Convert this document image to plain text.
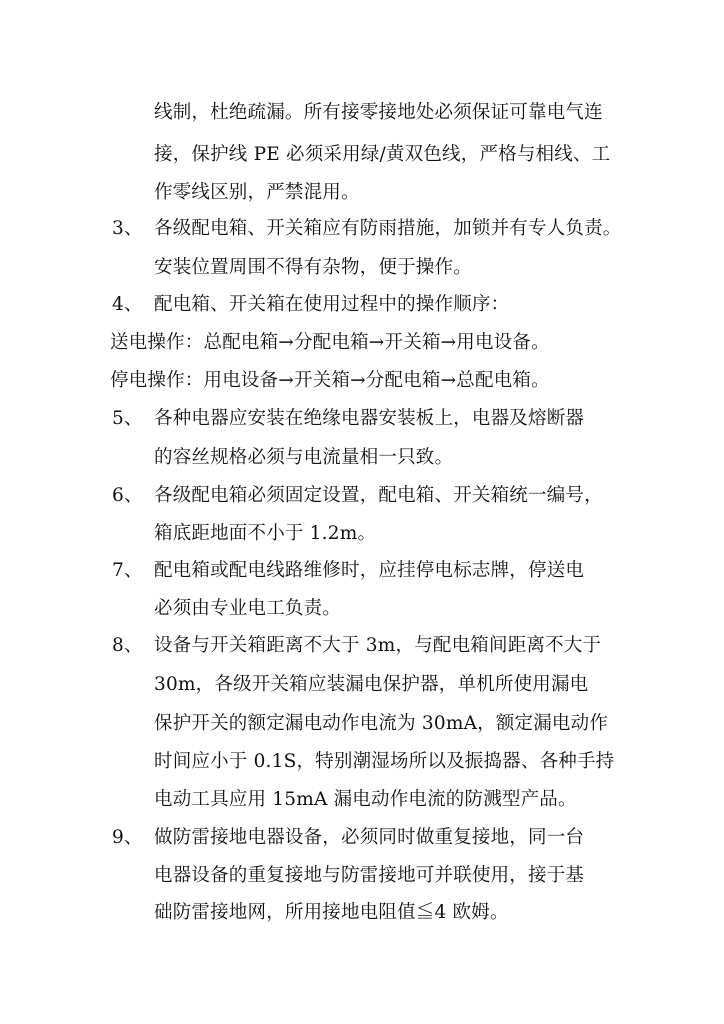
线制，杜绝疏漏。所有接零接地处必须保证可靠电气连
接，保护线 PE 必须采用绿/黄双色线，严格与相线、工
作零线区别，严禁混用。
3、 各级配电箱、开关箱应有防雨措施，加锁并有专人负责。
安装位置周围不得有杂物，便于操作。
4、 配电箱、开关箱在使用过程中的操作顺序：
送电操作：总配电箱→分配电箱→开关箱→用电设备。
停电操作：用电设备→开关箱→分配电箱→总配电箱。
5、 各种电器应安装在绝缘电器安装板上，电器及熔断器
的容丝规格必须与电流量相一只致。
6、 各级配电箱必须固定设置，配电箱、开关箱统一编号，
箱底距地面不小于 1.2m。
7、 配电箱或配电线路维修时，应挂停电标志牌，停送电
必须由专业电工负责。
8、 设备与开关箱距离不大于 3m，与配电箱间距离不大于
30m，各级开关箱应装漏电保护器，单机所使用漏电
保护开关的额定漏电动作电流为 30mA，额定漏电动作
时间应小于 0.1S，特别潮湿场所以及振捣器、各种手持
电动工具应用 15mA 漏电动作电流的防溅型产品。
9、 做防雷接地电器设备，必须同时做重复接地，同一台
电器设备的重复接地与防雷接地可并联使用，接于基
础防雷接地网，所用接地电阻值≦4 欧姆。
